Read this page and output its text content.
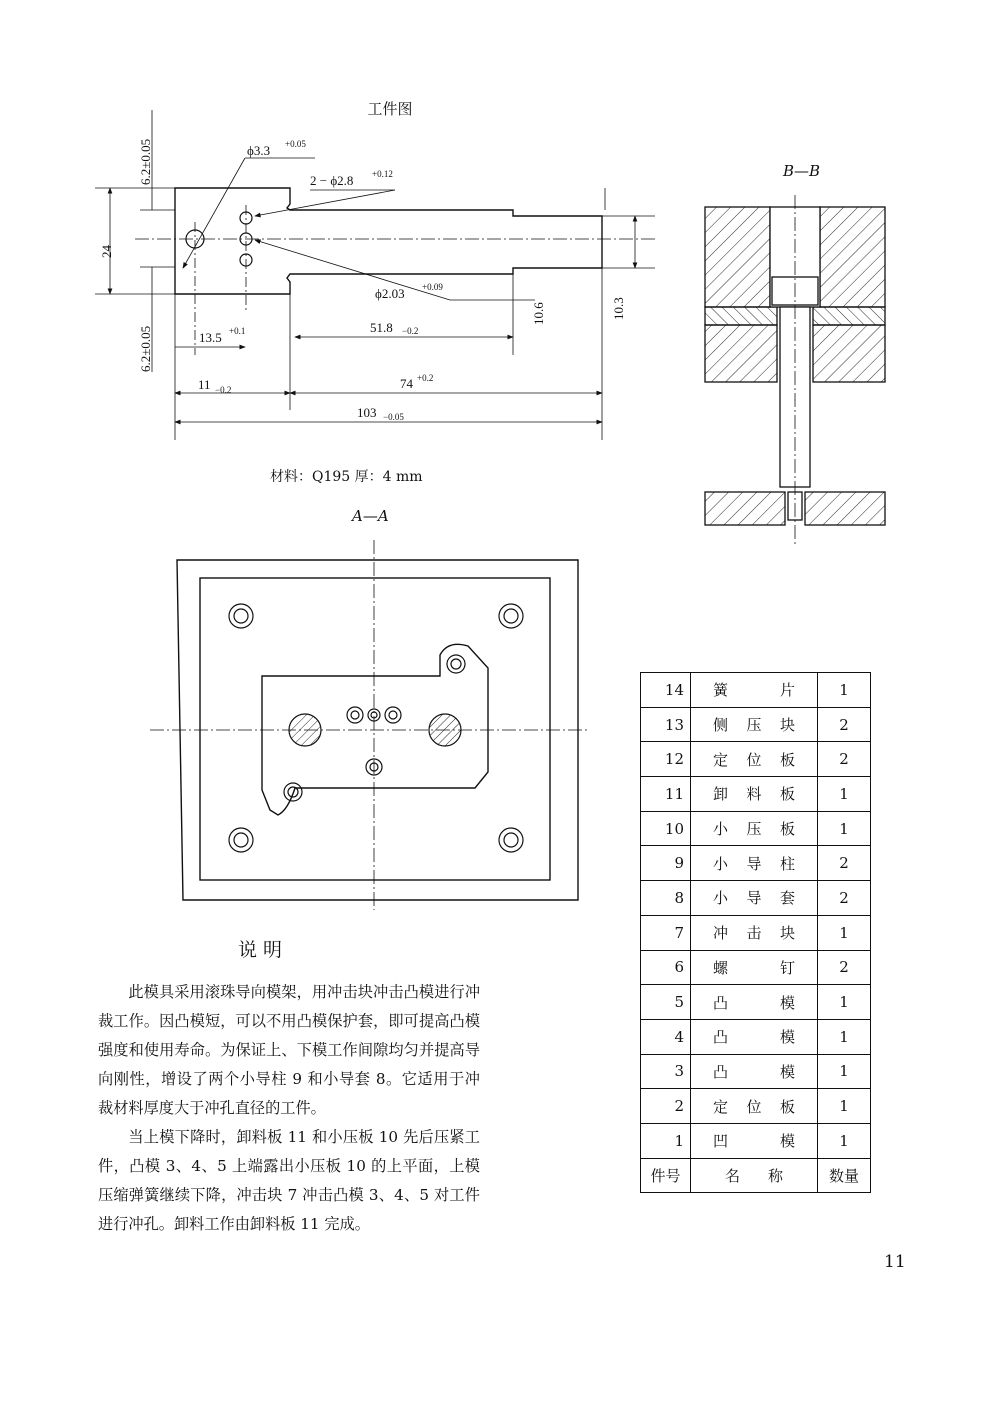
工件图
6.2±0.05
24
6.2±0.05
ϕ3.3 +0.05
2 − ϕ2.8 +0.12
ϕ2.03 +0.09
13.5 +0.1	51.8 −0.2
10.6	10.3
11 −0.2	74 +0.2
103 −0.05
材料：Q195 厚：4 mm
B—B
A—A
说 明

此模具采用滚珠导向模架，用冲击块冲击凸模进行冲裁工作。因凸模短，可以不用凸模保护套，即可提高凸模强度和使用寿命。为保证上、下模工作间隙均匀并提高导向刚性，增设了两个小导柱 9 和小导套 8。它适用于冲裁材料厚度大于冲孔直径的工件。

当上模下降时，卸料板 11 和小压板 10 先后压紧工件，凸模 3、4、5 上端露出小压板 10 的上平面，上模压缩弹簧继续下降，冲击块 7 冲击凸模 3、4、5 对工件进行冲孔。卸料工作由卸料板 11 完成。

14	簧 片	1
13	侧 压 块	2
12	定 位 板	2
11	卸 料 板	1
10	小 压 板	1
9	小 导 柱	2
8	小 导 套	2
7	冲 击 块	1
6	螺 钉	2
5	凸 模	1
4	凸 模	1
3	凸 模	1
2	定 位 板	1
1	凹 模	1
件号	名 称	数量
11
